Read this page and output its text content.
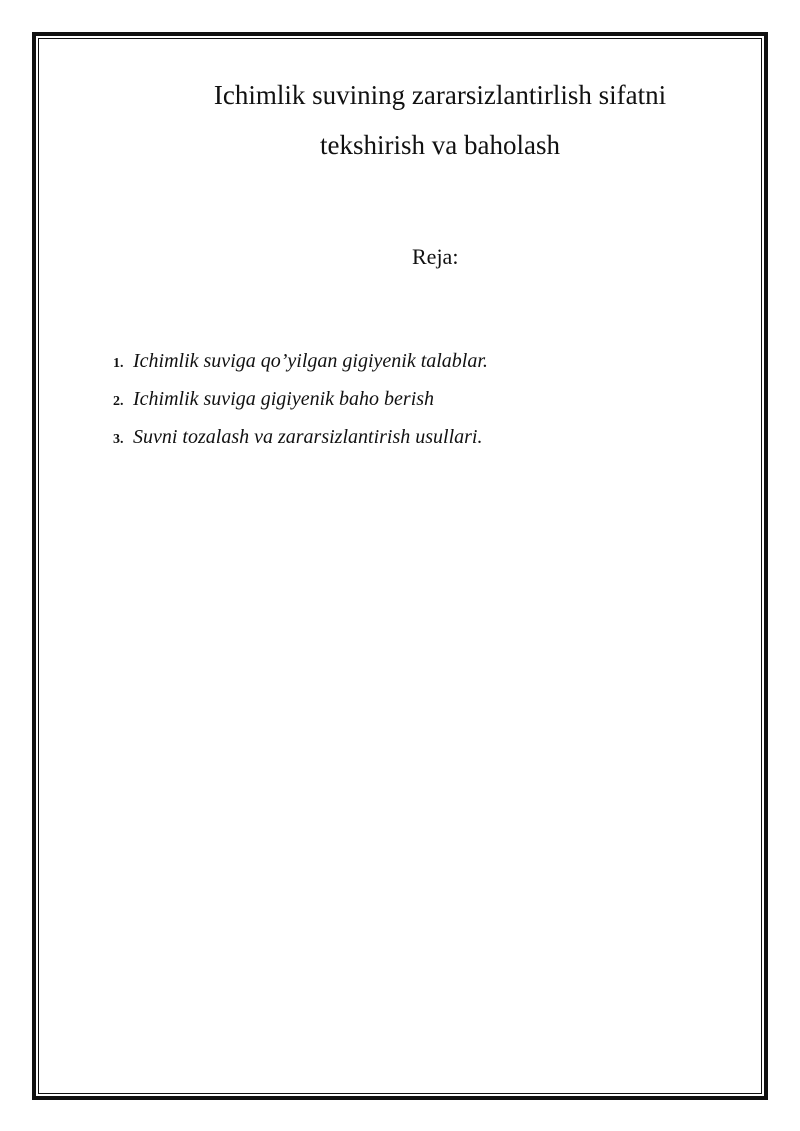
Ichimlik suvining zararsizlantirlish sifatni
tekshirish va baholash

Reja:

1. Ichimlik suviga qo’yilgan gigiyenik talablar.
2. Ichimlik suviga gigiyenik baho berish
3. Suvni tozalash va zararsizlantirish usullari.
